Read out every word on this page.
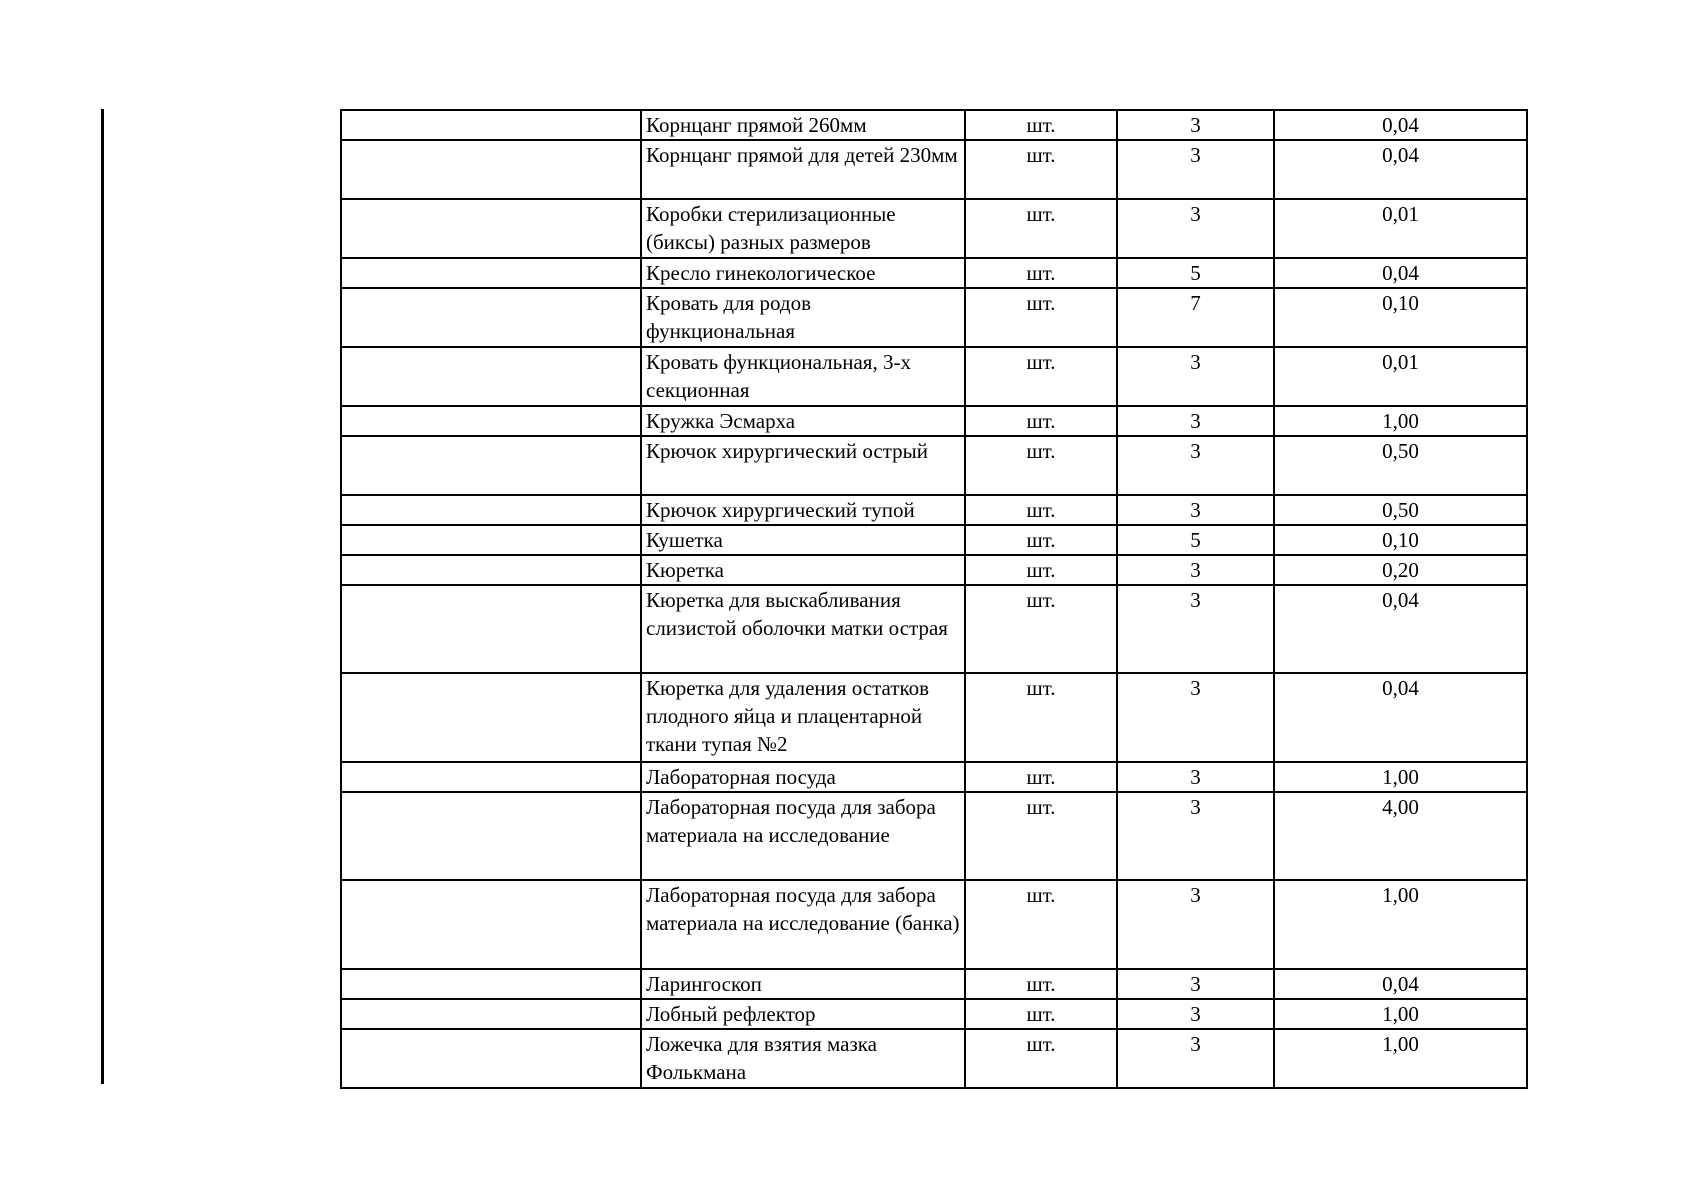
	Корнцанг прямой 260мм	шт.	3	0,04

	Корнцанг прямой для детей 230мм	шт.	3	0,04

	Коробки стерилизационные (биксы) разных размеров	шт.	3	0,01

	Кресло гинекологическое	шт.	5	0,04

	Кровать для родов функциональная	шт.	7	0,10

	Кровать функциональная, 3-х секционная	шт.	3	0,01

	Кружка Эсмарха	шт.	3	1,00

	Крючок хирургический острый	шт.	3	0,50

	Крючок хирургический тупой	шт.	3	0,50

	Кушетка	шт.	5	0,10

	Кюретка	шт.	3	0,20

	Кюретка для выскабливания слизистой оболочки матки острая	шт.	3	0,04

	Кюретка для удаления остатков плодного яйца и плацентарной ткани тупая №2	шт.	3	0,04

	Лабораторная посуда	шт.	3	1,00

	Лабораторная посуда для забора материала на исследование	шт.	3	4,00

	Лабораторная посуда для забора материала на исследование (банка)	шт.	3	1,00

	Ларингоскоп	шт.	3	0,04

	Лобный рефлектор	шт.	3	1,00

	Ложечка для взятия мазка Фолькмана	шт.	3	1,00
